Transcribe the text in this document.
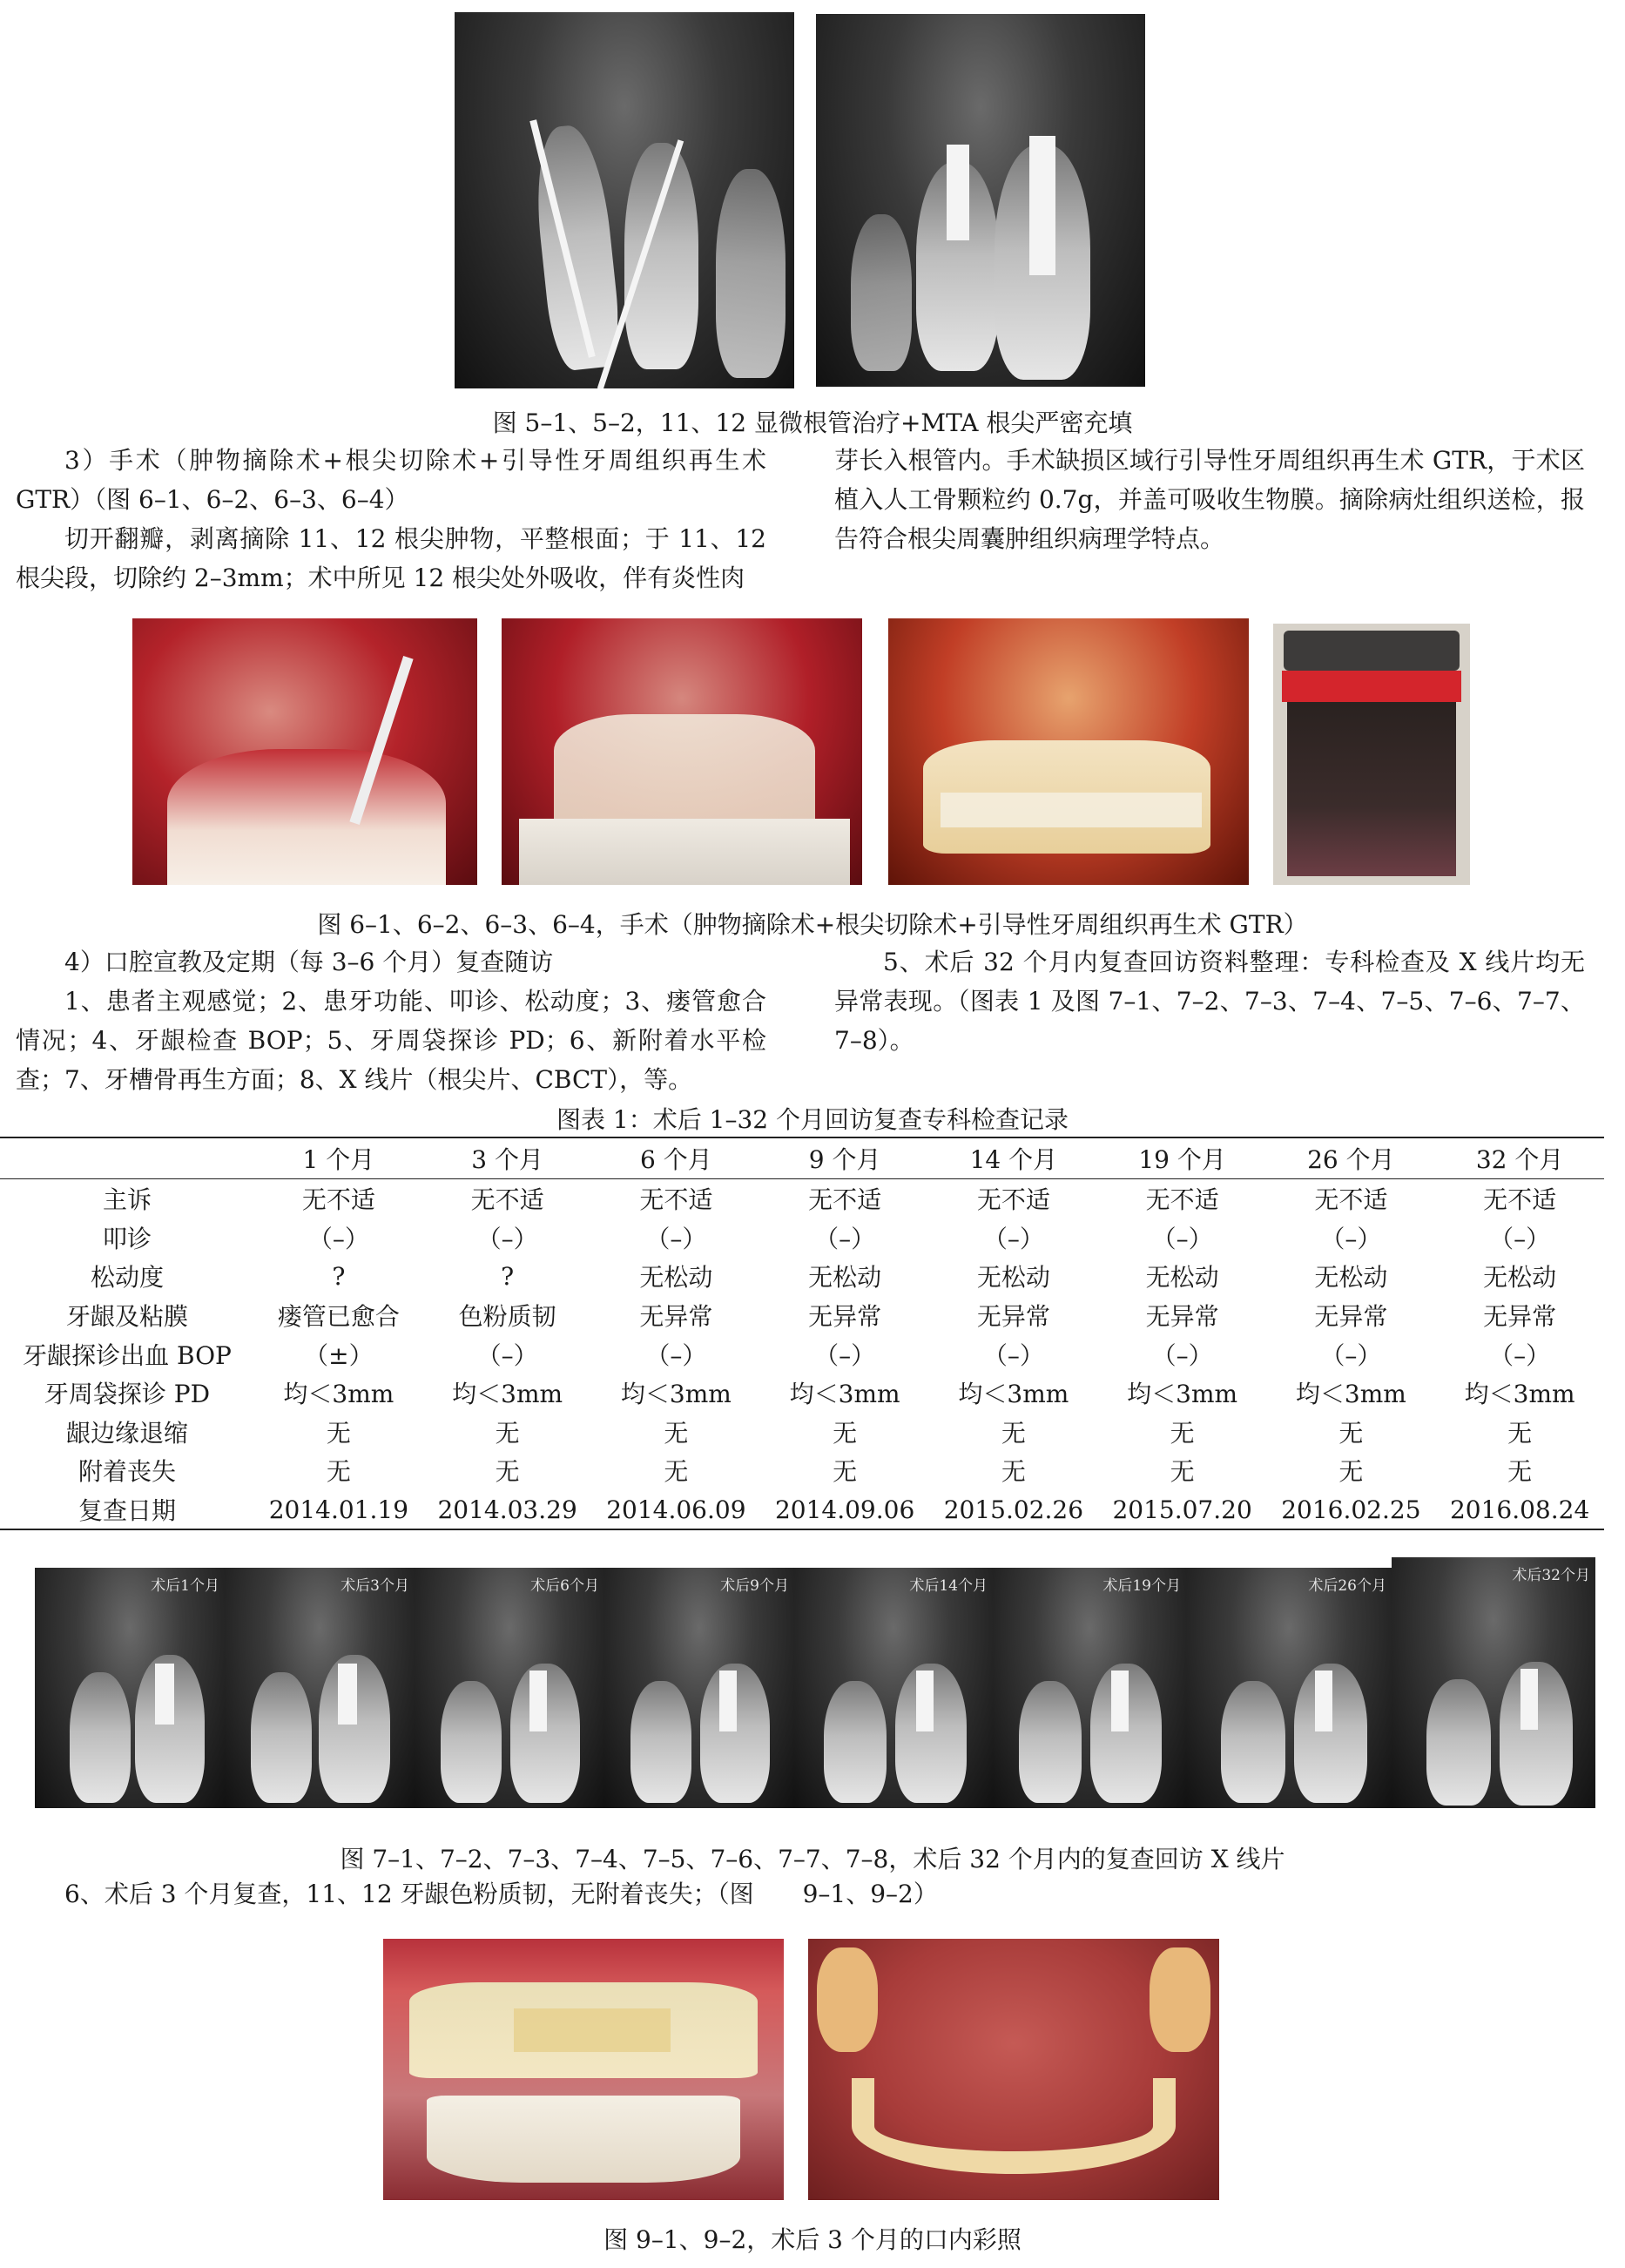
图 5–1、5–2，11、12 显微根管治疗+MTA 根尖严密充填

3）手术（肿物摘除术+根尖切除术+引导性牙周组织再生术 GTR）（图 6–1、6–2、6–3、6–4）

切开翻瓣，剥离摘除 11、12 根尖肿物，平整根面；于 11、12 根尖段，切除约 2–3mm；术中所见 12 根尖处外吸收，伴有炎性肉

芽长入根管内。手术缺损区域行引导性牙周组织再生术 GTR，于术区植入人工骨颗粒约 0.7g，并盖可吸收生物膜。摘除病灶组织送检，报告符合根尖周囊肿组织病理学特点。

图 6–1、6–2、6–3、6–4，手术（肿物摘除术+根尖切除术+引导性牙周组织再生术 GTR）

4）口腔宣教及定期（每 3–6 个月）复查随访

1、患者主观感觉；2、患牙功能、叩诊、松动度；3、瘘管愈合情况；4、牙龈检查 BOP；5、牙周袋探诊 PD；6、新附着水平检查；7、牙槽骨再生方面；8、X 线片（根尖片、CBCT），等。

5、术后 32 个月内复查回访资料整理：专科检查及 X 线片均无异常表现。（图表 1 及图 7–1、7–2、7–3、7–4、7–5、7–6、7–7、7–8）。

图表 1：术后 1–32 个月回访复查专科检查记录
	1 个月	3 个月	6 个月	9 个月	14 个月	19 个月	26 个月	32 个月
主诉	无不适	无不适	无不适	无不适	无不适	无不适	无不适	无不适
叩诊	（–）	（–）	（–）	（–）	（–）	（–）	（–）	（–）
松动度	?	?	无松动	无松动	无松动	无松动	无松动	无松动
牙龈及粘膜	瘘管已愈合	色粉质韧	无异常	无异常	无异常	无异常	无异常	无异常
牙龈探诊出血 BOP	（±）	（–）	（–）	（–）	（–）	（–）	（–）	（–）
牙周袋探诊 PD	均＜3mm	均＜3mm	均＜3mm	均＜3mm	均＜3mm	均＜3mm	均＜3mm	均＜3mm
龈边缘退缩	无	无	无	无	无	无	无	无
附着丧失	无	无	无	无	无	无	无	无
复查日期	2014.01.19	2014.03.29	2014.06.09	2014.09.06	2015.02.26	2015.07.20	2016.02.25	2016.08.24
术后1个月	术后3个月	术后6个月	术后9个月	术后14个月	术后19个月	术后26个月
术后32个月
图 7–1、7–2、7–3、7–4、7–5、7–6、7–7、7–8，术后 32 个月内的复查回访 X 线片
6、术后 3 个月复查，11、12 牙龈色粉质韧，无附着丧失；（图　　9–1、9–2）
图 9–1、9–2，术后 3 个月的口内彩照
